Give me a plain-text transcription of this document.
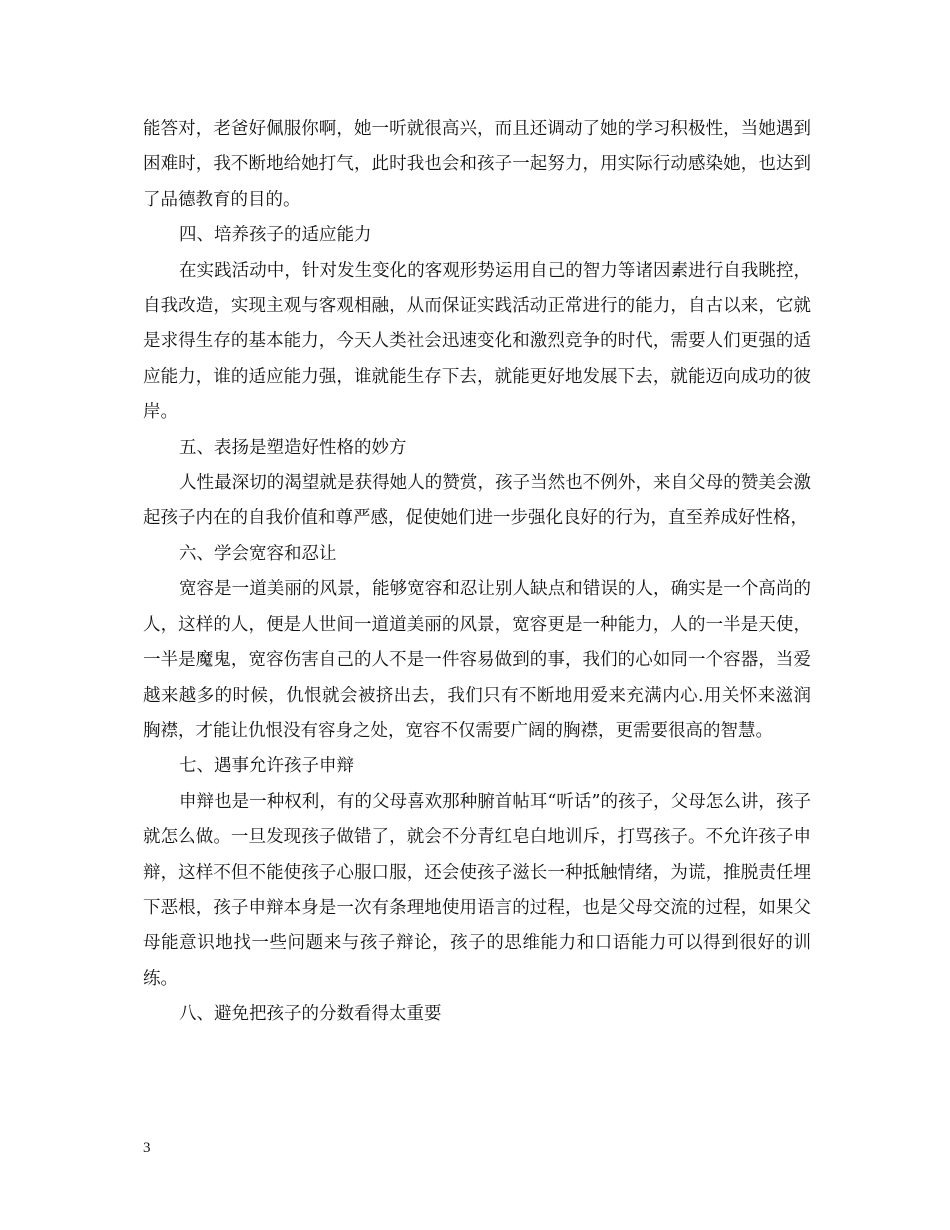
能答对，老爸好佩服你啊，她一听就很高兴，而且还调动了她的学习积极性，当她遇到困难时，我不断地给她打气，此时我也会和孩子一起努力，用实际行动感染她，也达到了品德教育的目的。

四、培养孩子的适应能力

在实践活动中，针对发生变化的客观形势运用自己的智力等诸因素进行自我眺控，自我改造，实现主观与客观相融，从而保证实践活动正常进行的能力，自古以来，它就是求得生存的基本能力，今天人类社会迅速变化和激烈竞争的时代，需要人们更强的适应能力，谁的适应能力强，谁就能生存下去，就能更好地发展下去，就能迈向成功的彼岸。

五、表扬是塑造好性格的妙方

人性最深切的渴望就是获得她人的赞赏，孩子当然也不例外，来自父母的赞美会激起孩子内在的自我价值和尊严感，促使她们进一步强化良好的行为，直至养成好性格，

六、学会宽容和忍让

宽容是一道美丽的风景，能够宽容和忍让别人缺点和错误的人，确实是一个高尚的人，这样的人，便是人世间一道道美丽的风景，宽容更是一种能力，人的一半是天使，一半是魔鬼，宽容伤害自己的人不是一件容易做到的事，我们的心如同一个容器，当爱越来越多的时候，仇恨就会被挤出去，我们只有不断地用爱来充满内心.用关怀来滋润胸襟，才能让仇恨没有容身之处，宽容不仅需要广阔的胸襟，更需要很高的智慧。

七、遇事允许孩子申辩

申辩也是一种权利，有的父母喜欢那种腑首帖耳“听话”的孩子，父母怎么讲，孩子就怎么做。一旦发现孩子做错了，就会不分青红皂白地训斥，打骂孩子。不允许孩子申辩，这样不但不能使孩子心服口服，还会使孩子滋长一种抵触情绪，为谎，推脱责任埋下恶根，孩子申辩本身是一次有条理地使用语言的过程，也是父母交流的过程，如果父母能意识地找一些问题来与孩子辩论，孩子的思维能力和口语能力可以得到很好的训练。

八、避免把孩子的分数看得太重要

3
